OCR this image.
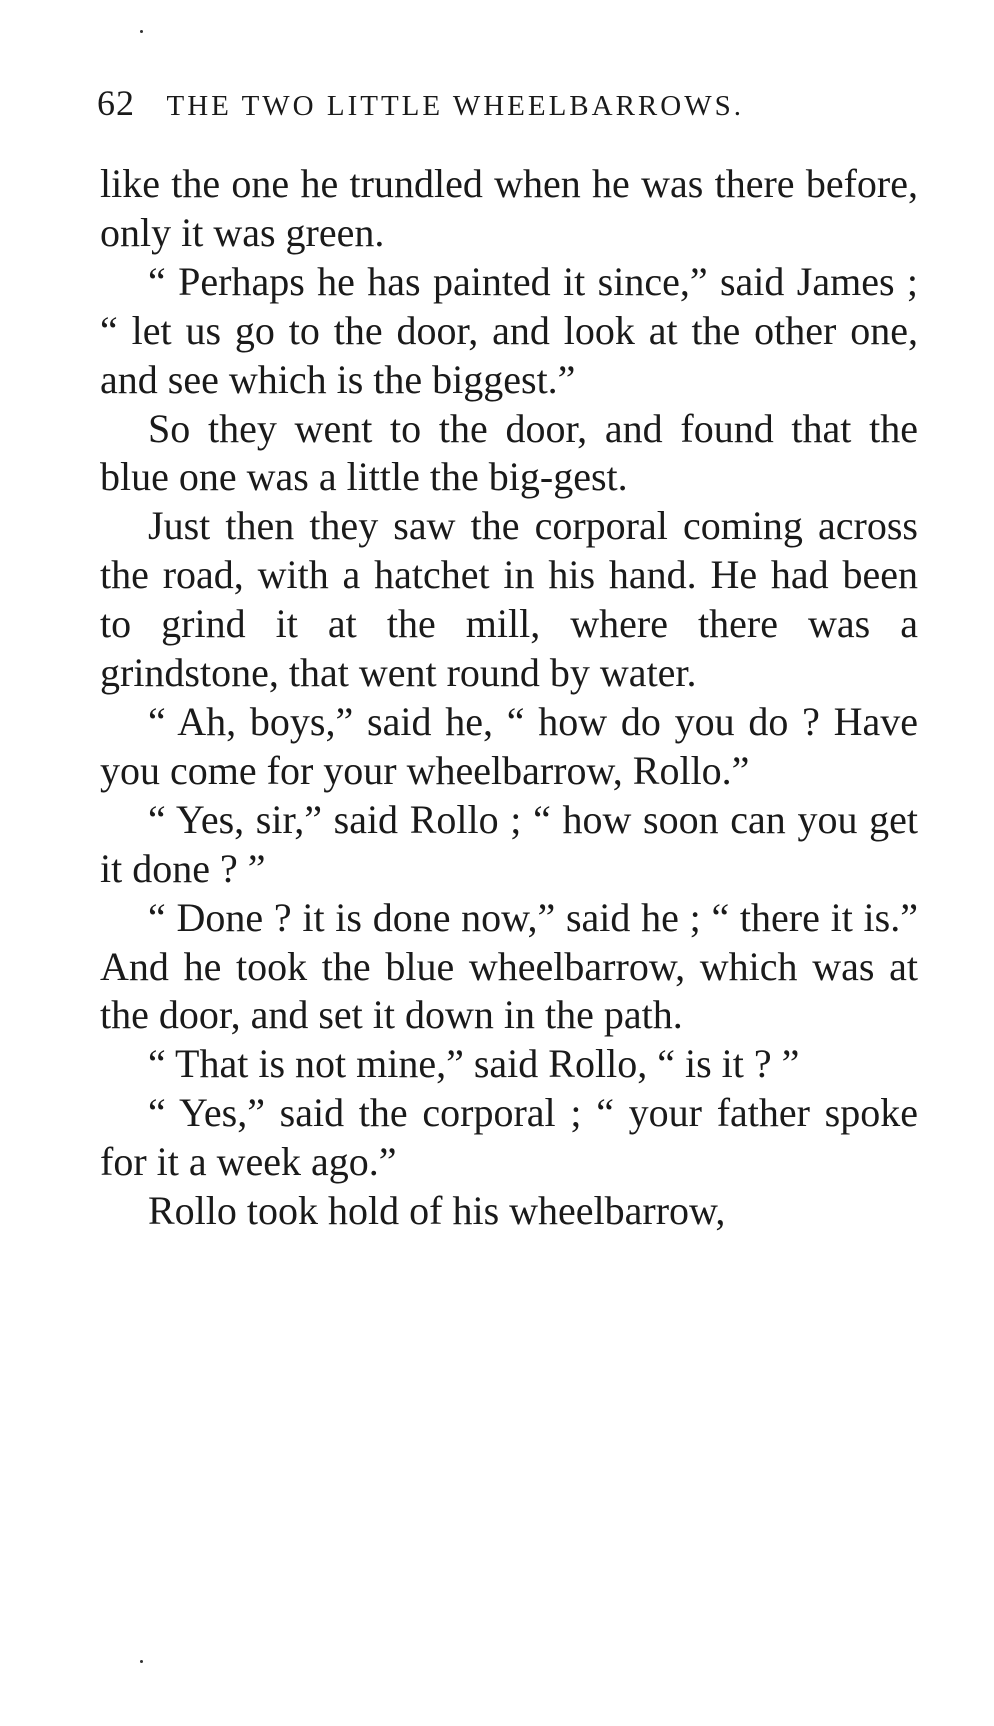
62 THE TWO LITTLE WHEELBARROWS.

like the one he trundled when he was there before, only it was green.

“ Perhaps he has painted it since,” said James ; “ let us go to the door, and look at the other one, and see which is the biggest.”

So they went to the door, and found that the blue one was a little the big-gest.

Just then they saw the corporal coming across the road, with a hatchet in his hand. He had been to grind it at the mill, where there was a grindstone, that went round by water.

“ Ah, boys,” said he, “ how do you do ? Have you come for your wheelbarrow, Rollo.”

“ Yes, sir,” said Rollo ; “ how soon can you get it done ? ”

“ Done ? it is done now,” said he ; “ there it is.” And he took the blue wheelbarrow, which was at the door, and set it down in the path.

“ That is not mine,” said Rollo, “ is it ? ”

“ Yes,” said the corporal ; “ your father spoke for it a week ago.”

Rollo took hold of his wheelbarrow,
